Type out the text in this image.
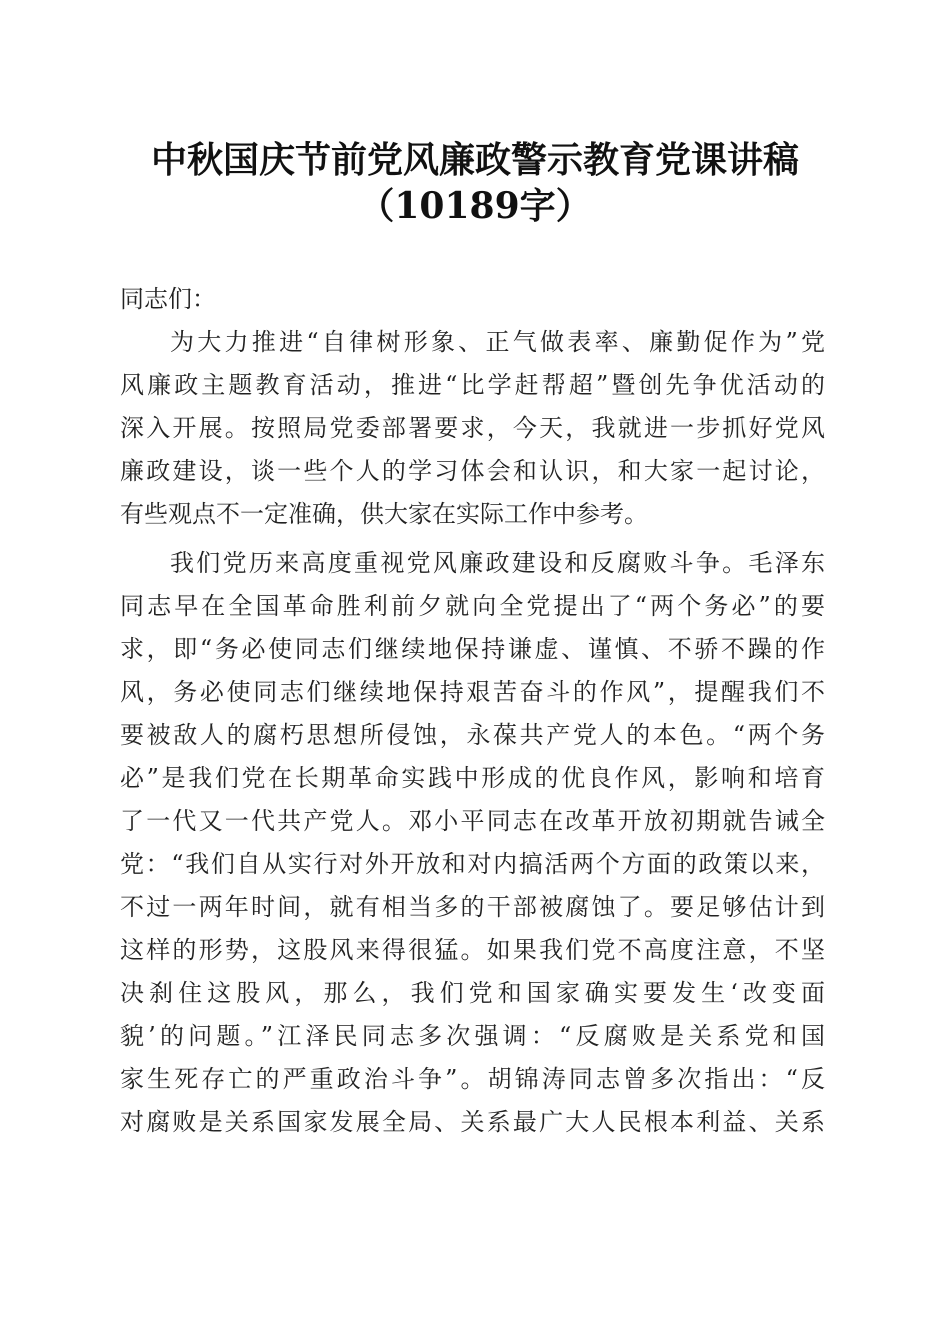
中秋国庆节前党风廉政警示教育党课讲稿
（10189字）
同志们：
为大力推进“自律树形象、正气做表率、廉勤促作为”党
风廉政主题教育活动，推进“比学赶帮超”暨创先争优活动的
深入开展。按照局党委部署要求，今天，我就进一步抓好党风
廉政建设，谈一些个人的学习体会和认识，和大家一起讨论，
有些观点不一定准确，供大家在实际工作中参考。
我们党历来高度重视党风廉政建设和反腐败斗争。毛泽东
同志早在全国革命胜利前夕就向全党提出了“两个务必”的要
求，即“务必使同志们继续地保持谦虚、谨慎、不骄不躁的作
风，务必使同志们继续地保持艰苦奋斗的作风”，提醒我们不
要被敌人的腐朽思想所侵蚀，永葆共产党人的本色。“两个务
必”是我们党在长期革命实践中形成的优良作风，影响和培育
了一代又一代共产党人。邓小平同志在改革开放初期就告诫全
党：“我们自从实行对外开放和对内搞活两个方面的政策以来，
不过一两年时间，就有相当多的干部被腐蚀了。要足够估计到
这样的形势，这股风来得很猛。如果我们党不高度注意，不坚
决刹住这股风，那么，我们党和国家确实要发生‘改变面
貌’的问题。”江泽民同志多次强调：“反腐败是关系党和国
家生死存亡的严重政治斗争”。胡锦涛同志曾多次指出：“反
对腐败是关系国家发展全局、关系最广大人民根本利益、关系
